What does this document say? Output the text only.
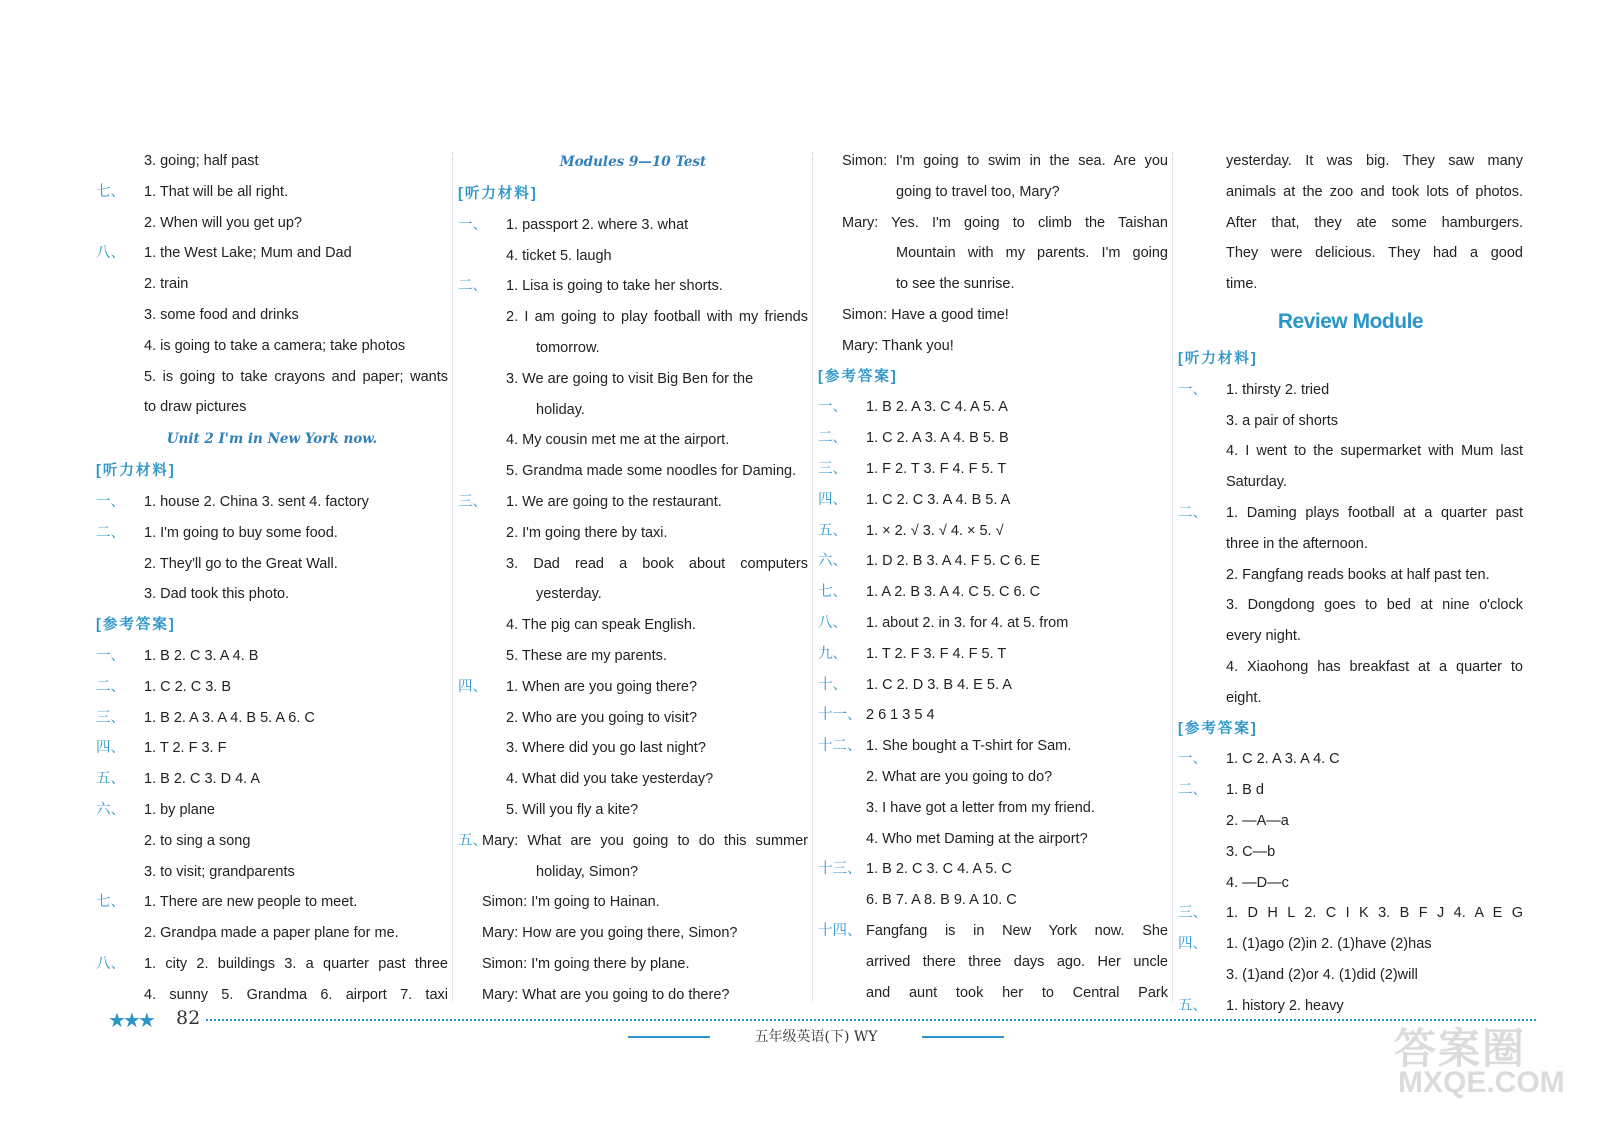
3. going; half past
七、 1. That will be all right.
2. When will you get up?
八、 1. the West Lake; Mum and Dad
2. train
3. some food and drinks
4. is going to take a camera; take photos
5. is going to take crayons and paper; wants
to draw pictures
Unit 2 I'm in New York now.
[听力材料]
一、 1. house 2. China 3. sent 4. factory
二、 1. I'm going to buy some food.
2. They'll go to the Great Wall.
3. Dad took this photo.
[参考答案]
一、 1. B 2. C 3. A 4. B
二、 1. C 2. C 3. B
三、 1. B 2. A 3. A 4. B 5. A 6. C
四、 1. T 2. F 3. F
五、 1. B 2. C 3. D 4. A
六、 1. by plane
2. to sing a song
3. to visit; grandparents
七、 1. There are new people to meet.
2. Grandpa made a paper plane for me.
八、 1. city 2. buildings 3. a quarter past three
4. sunny 5. Grandma 6. airport 7. taxi
Modules 9—10 Test
[听力材料]
一、 1. passport 2. where 3. what
4. ticket 5. laugh
二、 1. Lisa is going to take her shorts.
2. I am going to play football with my friends
tomorrow.
3. We are going to visit Big Ben for the
holiday.
4. My cousin met me at the airport.
5. Grandma made some noodles for Daming.
三、 1. We are going to the restaurant.
2. I'm going there by taxi.
3. Dad read a book about computers
yesterday.
4. The pig can speak English.
5. These are my parents.
四、 1. When are you going there?
2. Who are you going to visit?
3. Where did you go last night?
4. What did you take yesterday?
5. Will you fly a kite?
五、
Mary: What are you going to do this summer
holiday, Simon?
Simon: I'm going to Hainan.
Mary: How are you going there, Simon?
Simon: I'm going there by plane.
Mary: What are you going to do there?
Simon: I'm going to swim in the sea. Are you
going to travel too, Mary?
Mary: Yes. I'm going to climb the Taishan
Mountain with my parents. I'm going
to see the sunrise.
Simon: Have a good time!
Mary: Thank you!
[参考答案]
一、 1. B 2. A 3. C 4. A 5. A
二、 1. C 2. A 3. A 4. B 5. B
三、 1. F 2. T 3. F 4. F 5. T
四、 1. C 2. C 3. A 4. B 5. A
五、 1. × 2. √ 3. √ 4. × 5. √
六、 1. D 2. B 3. A 4. F 5. C 6. E
七、 1. A 2. B 3. A 4. C 5. C 6. C
八、 1. about 2. in 3. for 4. at 5. from
九、 1. T 2. F 3. F 4. F 5. T
十、 1. C 2. D 3. B 4. E 5. A
十一、 2 6 1 3 5 4
十二、 1. She bought a T-shirt for Sam.
2. What are you going to do?
3. I have got a letter from my friend.
4. Who met Daming at the airport?
十三、 1. B 2. C 3. C 4. A 5. C
6. B 7. A 8. B 9. A 10. C
十四、 Fangfang is in New York now. She
arrived there three days ago. Her uncle
and aunt took her to Central Park
yesterday. It was big. They saw many
animals at the zoo and took lots of photos.
After that, they ate some hamburgers.
They were delicious. They had a good
time.
Review Module
[听力材料]
一、 1. thirsty 2. tried
3. a pair of shorts
4. I went to the supermarket with Mum last
Saturday.
二、 1. Daming plays football at a quarter past
three in the afternoon.
2. Fangfang reads books at half past ten.
3. Dongdong goes to bed at nine o'clock
every night.
4. Xiaohong has breakfast at a quarter to
eight.
[参考答案]
一、 1. C 2. A 3. A 4. C
二、 1. B d
2. —A—a
3. C—b
4. —D—c
三、 1. D H L 2. C I K 3. B F J 4. A E G
四、 1. (1)ago (2)in 2. (1)have (2)has
3. (1)and (2)or 4. (1)did (2)will
五、 1. history 2. heavy
★★★ 82
五年级英语(下) WY	答案圈
MXQE.COM
